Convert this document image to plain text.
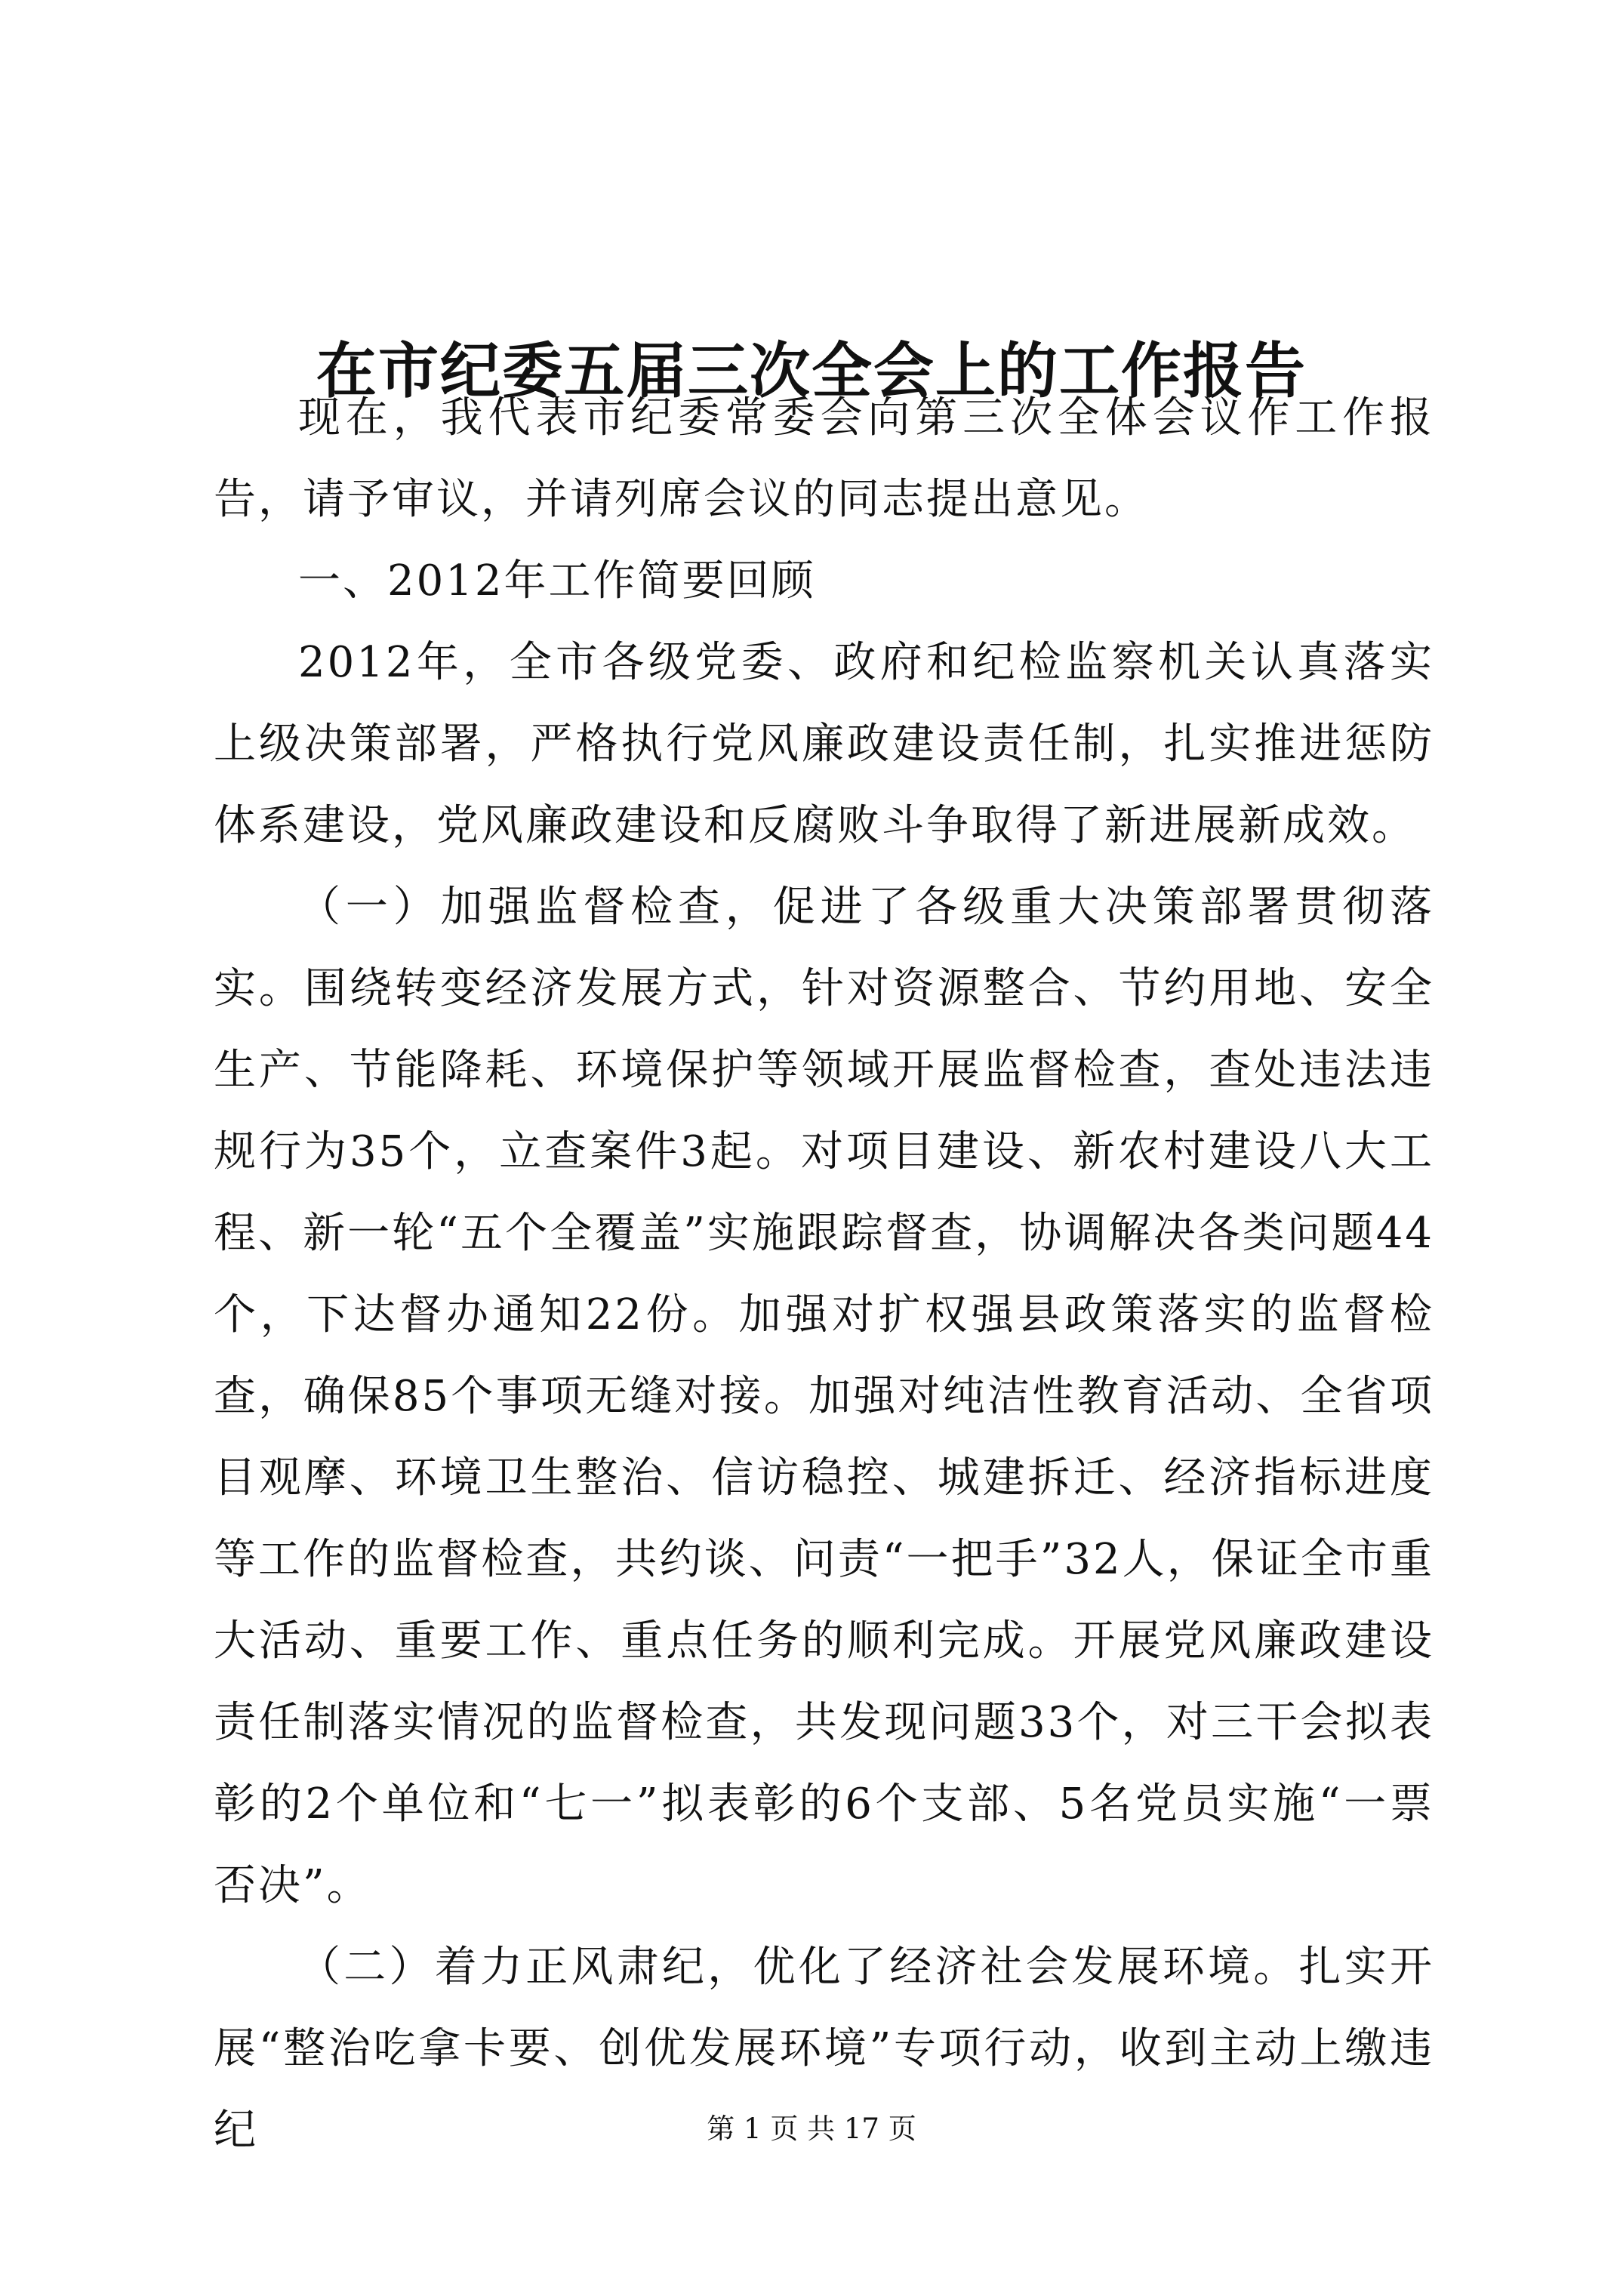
在市纪委五届三次全会上的工作报告

现在，我代表市纪委常委会向第三次全体会议作工作报告，请予审议，并请列席会议的同志提出意见。

一、2012年工作简要回顾

2012年，全市各级党委、政府和纪检监察机关认真落实上级决策部署，严格执行党风廉政建设责任制，扎实推进惩防体系建设，党风廉政建设和反腐败斗争取得了新进展新成效。

（一）加强监督检查，促进了各级重大决策部署贯彻落实。围绕转变经济发展方式，针对资源整合、节约用地、安全生产、节能降耗、环境保护等领域开展监督检查，查处违法违规行为35个，立查案件3起。对项目建设、新农村建设八大工程、新一轮“五个全覆盖”实施跟踪督查，协调解决各类问题44个，下达督办通知22份。加强对扩权强县政策落实的监督检查，确保85个事项无缝对接。加强对纯洁性教育活动、全省项目观摩、环境卫生整治、信访稳控、城建拆迁、经济指标进度等工作的监督检查，共约谈、问责“一把手”32人，保证全市重大活动、重要工作、重点任务的顺利完成。开展党风廉政建设责任制落实情况的监督检查，共发现问题33个，对三干会拟表彰的2个单位和“七一”拟表彰的6个支部、5名党员实施“一票否决”。

（二）着力正风肃纪，优化了经济社会发展环境。扎实开展“整治吃拿卡要、创优发展环境”专项行动，收到主动上缴违纪	第 1 页 共 17 页
